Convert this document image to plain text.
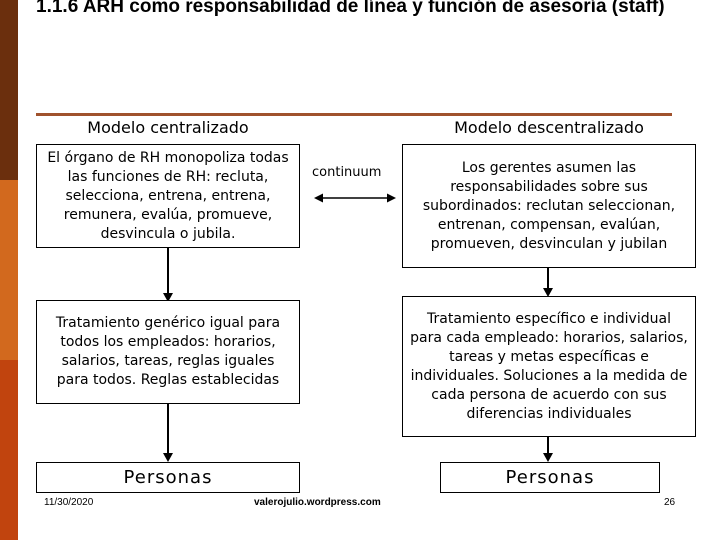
1.1.6 ARH como responsabilidad de línea y función de asesoría (staff)
Modelo centralizado
El órgano de RH monopoliza todas las funciones de RH: recluta, selecciona, entrena, entrena, remunera, evalúa, promueve, desvincula o jubila.
Tratamiento genérico igual para todos los empleados: horarios, salarios, tareas, reglas iguales para todos. Reglas establecidas
Personas
continuum
Modelo descentralizado
Los gerentes asumen las responsabilidades sobre sus subordinados: reclutan seleccionan, entrenan, compensan, evalúan, promueven, desvinculan y jubilan
Tratamiento específico e individual para cada empleado: horarios, salarios, tareas y metas específicas e individuales. Soluciones a la medida de cada persona de acuerdo con sus diferencias individuales
Personas
11/30/2020	valerojulio.wordpress.com	26
